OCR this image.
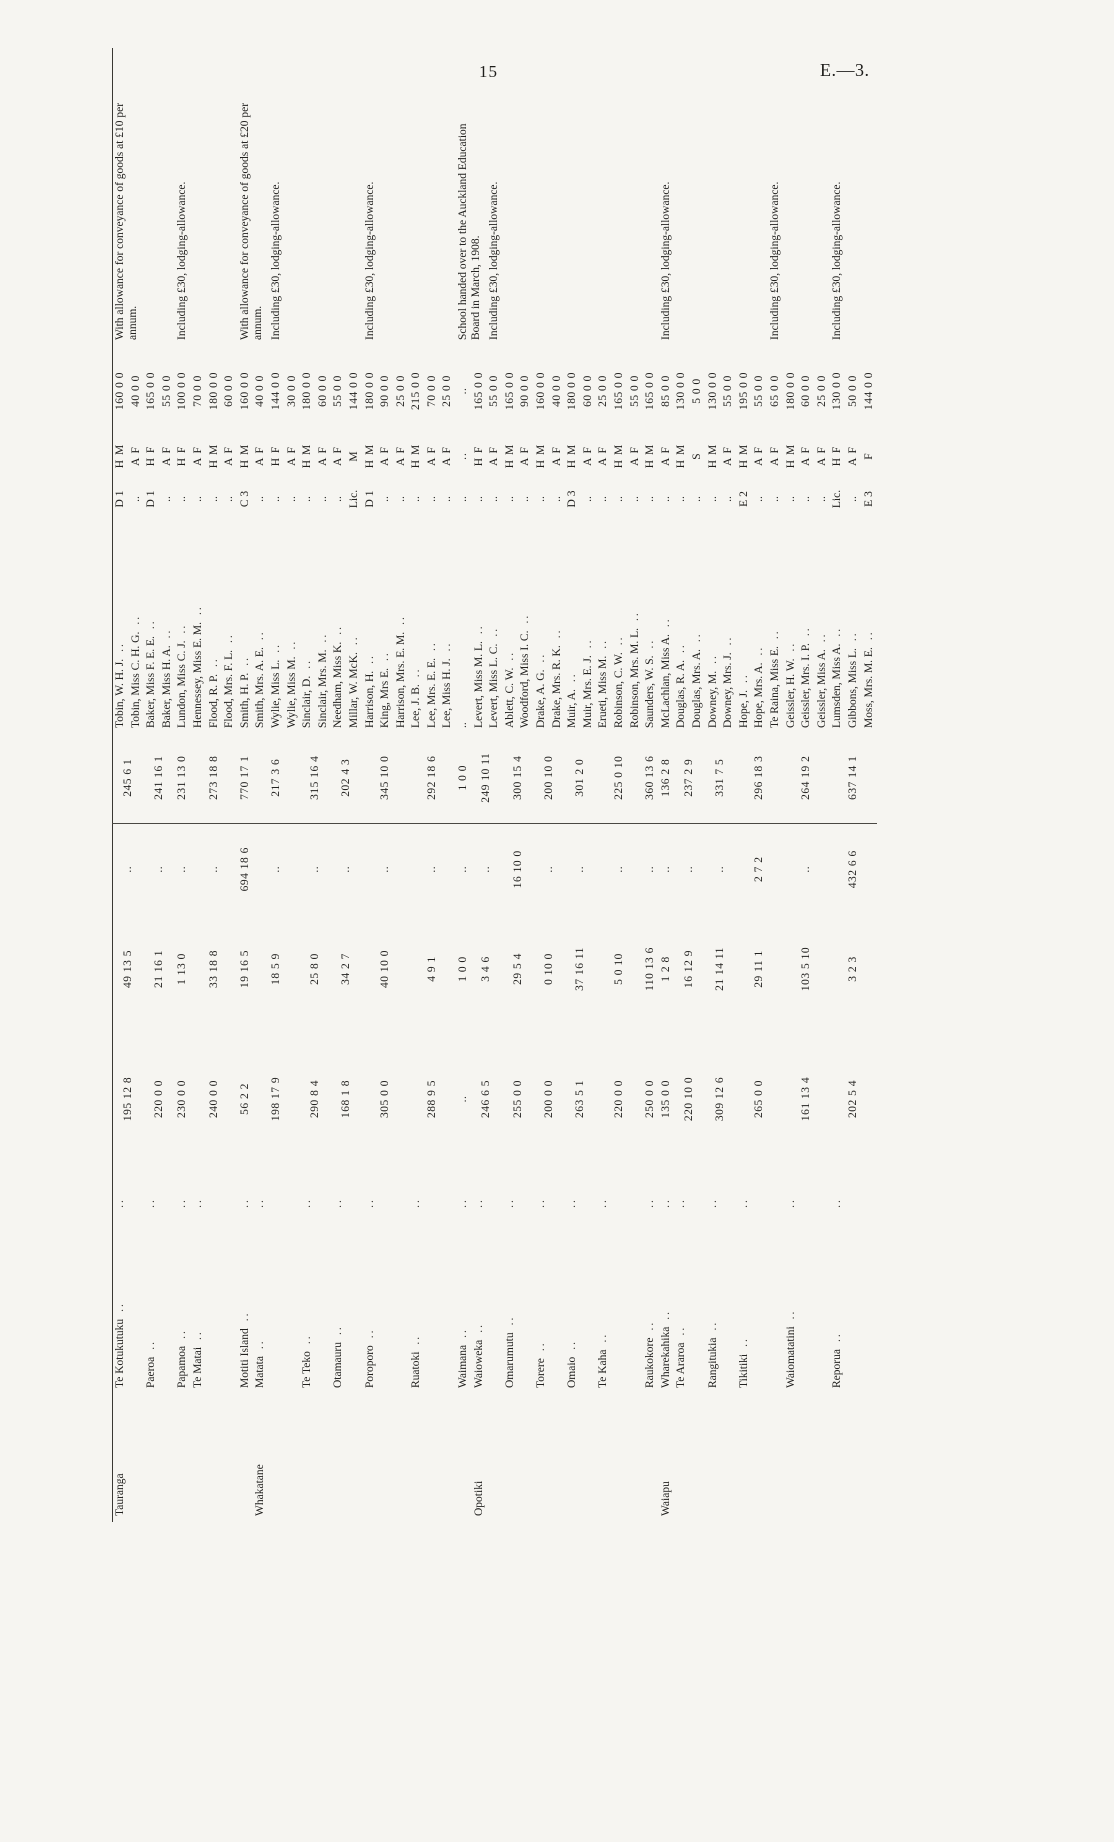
15	E.—3.
Tauranga	Te Kotukutuku..	..	195 12 8	49 13 5	..	245 6 1	Tobin, W. H. J...	D 1	H M	160 0 0	With allowance for conveyance of goods at £10 per annum.

							Tobin, Miss C. H. G...	..	A F	40 0 0	
	Paeroa..	..	220 0 0	21 16 1	..	241 16 1	Baker, Miss F. E. E...	D 1	H F	165 0 0	
							Baker, Miss H. A...	..	A F	55 0 0	
	Papamoa..	..	230 0 0	1 13 0	..	231 13 0	Lundon, Miss C. J...	..	H F	100 0 0	Including £30, lodging-allowance.

	Te Matai..	..	240 0 0	33 18 8	..	273 18 8	Hennessey, Miss E. M...	..	A F	70 0 0	
							Flood, R. P...	..	H M	180 0 0	
							Flood, Mrs. F. L...	..	A F	60 0 0	
	Motiti Island..	..	56 2 2	19 16 5	694 18 6	770 17 1	Smith, H. P...	C 3	H M	160 0 0	With allowance for conveyance of goods at £20 per annum.

Whakatane	Matata..	..	198 17 9	18 5 9	..	217 3 6	Smith, Mrs. A. E...	..	A F	40 0 0	
							Wylie, Miss L...	..	H F	144 0 0	Including £30, lodging-allowance.

							Wylie, Miss M...	..	A F	30 0 0	
	Te Teko..	..	290 8 4	25 8 0	..	315 16 4	Sinclair, D...	..	H M	180 0 0	
							Sinclair, Mrs. M...	..	A F	60 0 0	
	Otamauru..	..	168 1 8	34 2 7	..	202 4 3	Needham, Miss K...	..	A F	55 0 0	
							Millar, W. McK...	Lic.	M	144 0 0	
	Poroporo..	..	305 0 0	40 10 0	..	345 10 0	Harrison, H...	D 1	H M	180 0 0	Including £30, lodging-allowance.

							King, Mrs E...	..	A F	90 0 0	
							Harrison, Mrs. E. M...	..	A F	25 0 0	
	Ruatoki..	..	288 9 5	4 9 1	..	292 18 6	Lee, J. B...	..	H M	215 0 0	
							Lee, Mrs. E. E...	..	A F	70 0 0	
							Lee, Miss H. J...	..	A F	25 0 0	
	Waimana..	..	..	1 0 0	..	1 0 0	..	..	..	..	School handed over to the Auckland Education Board in March, 1908.

Opotiki	Waioweka..	..	246 6 5	3 4 6	..	249 10 11	Levert, Miss M. L...	..	H F	165 0 0	
							Levert, Miss L. C...	..	A F	55 0 0	Including £30, lodging-allowance.

	Omarumutu..	..	255 0 0	29 5 4	16 10 0	300 15 4	Ablett, C. W...	..	H M	165 0 0	
							Woodford, Miss I. C...	..	A F	90 0 0	
	Torere..	..	200 0 0	0 10 0	..	200 10 0	Drake, A. G...	..	H M	160 0 0	
							Drake, Mrs. R. K...	..	A F	40 0 0	
	Omaio..	..	263 5 1	37 16 11	..	301 2 0	Muir, A...	D 3	H M	180 0 0	
							Muir, Mrs. E. J...	..	A F	60 0 0	
	Te Kaha..	..	220 0 0	5 0 10	..	225 0 10	Erueti, Miss M...	..	A F	25 0 0	
							Robinson, C. W...	..	H M	165 0 0	
							Robinson, Mrs. M. L...	..	A F	55 0 0	
	Raukokore..	..	250 0 0	110 13 6	..	360 13 6	Saunders, W. S...	..	H M	165 0 0	
Waiapu	Wharekahika..	..	135 0 0	1 2 8	..	136 2 8	McLachlan, Miss A...	..	A F	85 0 0	Including £30, lodging-allowance.

	Te Araroa..	..	220 10 0	16 12 9	..	237 2 9	Douglas, R. A...	..	H M	130 0 0	
							Douglas, Mrs. A...	..	S	5 0 0	
	Rangitukia..	..	309 12 6	21 14 11	..	331 7 5	Downey, M...	..	H M	130 0 0	
							Downey, Mrs. J...	..	A F	55 0 0	
	Tikitiki..	..	265 0 0	29 11 1	2 7 2	296 18 3	Hope, J...	E 2	H M	195 0 0	
							Hope, Mrs. A...	..	A F	55 0 0	
							Te Raina, Miss E...	..	A F	65 0 0	Including £30, lodging-allowance.

	Waiomatatini..	..	161 13 4	103 5 10	..	264 19 2	Geissler, H. W...	..	H M	180 0 0	
							Geissler, Mrs. I. P...	..	A F	60 0 0	
							Geissler, Miss A...	..	A F	25 0 0	
	Reporua..	..	202 5 4	3 2 3	432 6 6	637 14 1	Lumsden, Miss A...	Lic.	H F	130 0 0	Including £30, lodging-allowance.

							Gibbons, Miss L...	..	A F	50 0 0	
							Moss, Mrs. M. E...	E 3	F	144 0 0	
